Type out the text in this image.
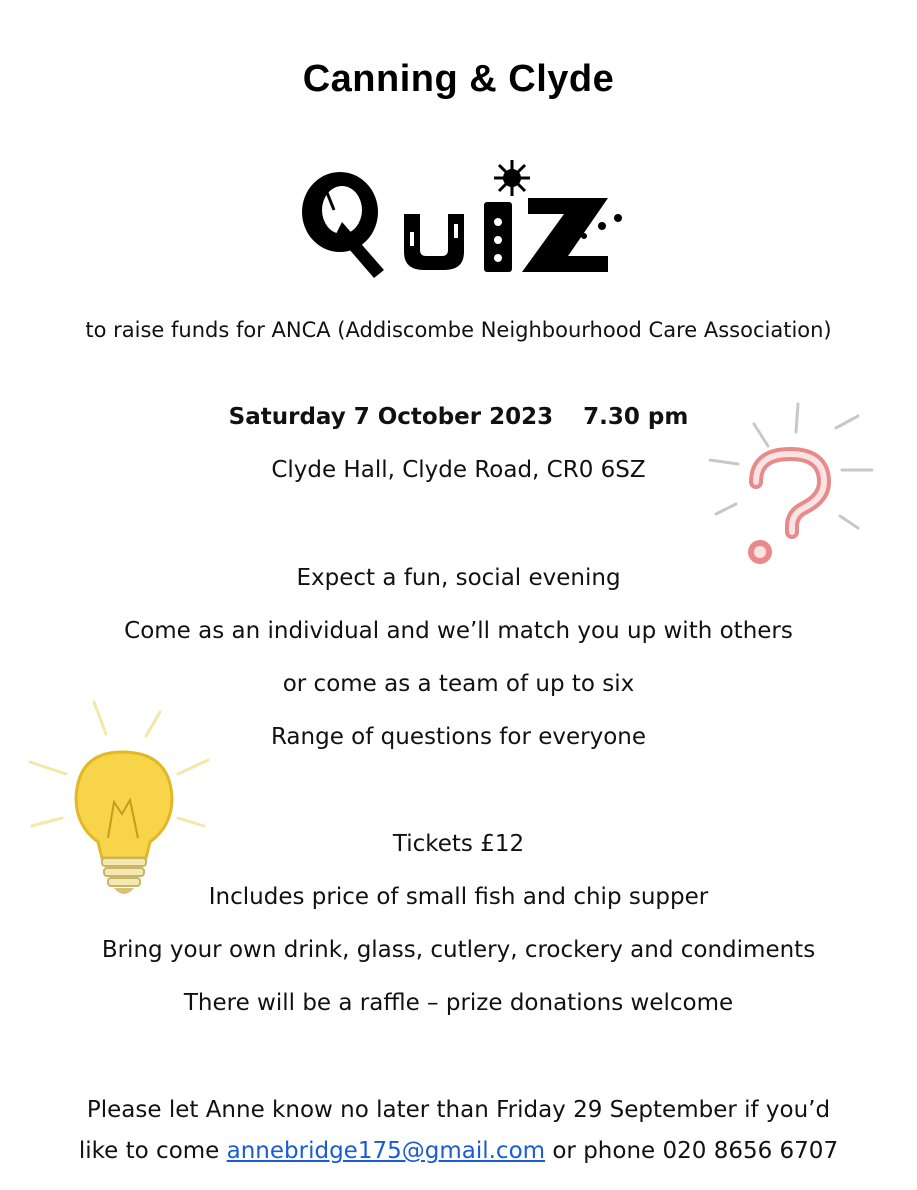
Canning & Clyde
to raise funds for ANCA (Addiscombe Neighbourhood Care Association)
Saturday 7 October 2023 7.30 pm
Clyde Hall, Clyde Road, CR0 6SZ
Expect a fun, social evening
Come as an individual and we’ll match you up with others
or come as a team of up to six
Range of questions for everyone
Tickets £12
Includes price of small fish and chip supper
Bring your own drink, glass, cutlery, crockery and condiments
There will be a raffle – prize donations welcome
Please let Anne know no later than Friday 29 September if you’d
like to come annebridge175@gmail.com or phone 020 8656 6707
